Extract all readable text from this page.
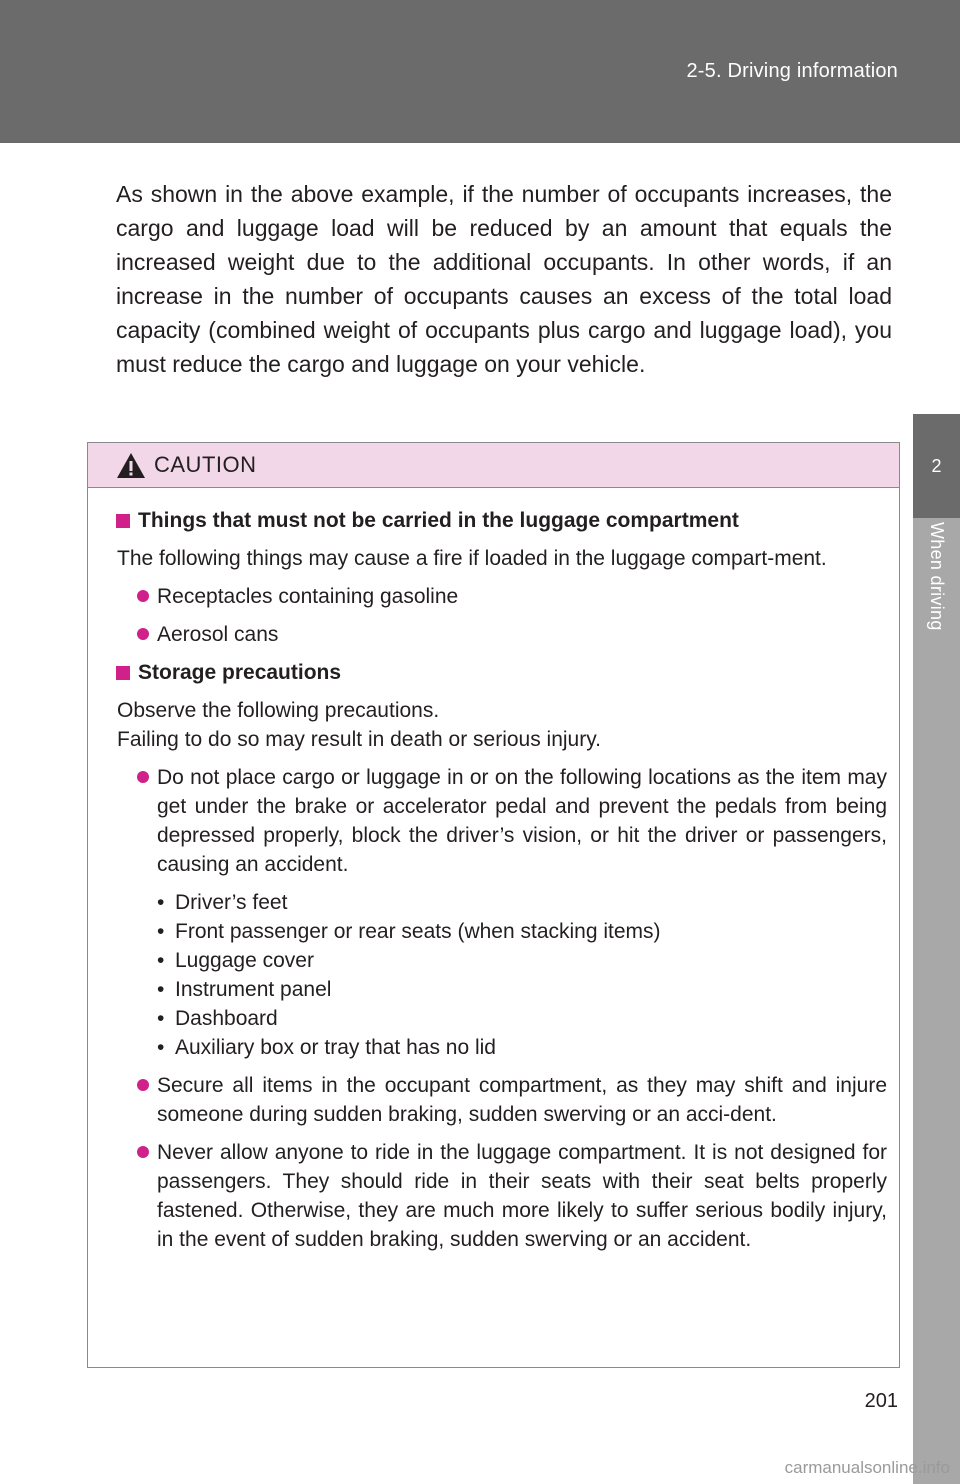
2-5. Driving information
2
When driving

As shown in the above example, if the number of occupants increases, the cargo and luggage load will be reduced by an amount that equals the increased weight due to the additional occupants. In other words, if an increase in the number of occupants causes an excess of the total load capacity (combined weight of occupants plus cargo and luggage load), you must reduce the cargo and luggage on your vehicle.

CAUTION
Things that must not be carried in the luggage compartment

The following things may cause a fire if loaded in the luggage compart-ment.

Receptacles containing gasoline
Aerosol cans
Storage precautions

Observe the following precautions.
Failing to do so may result in death or serious injury.

Do not place cargo or luggage in or on the following locations as the item may get under the brake or accelerator pedal and prevent the pedals from being depressed properly, block the driver’s vision, or hit the driver or passengers, causing an accident.
• Driver’s feet
• Front passenger or rear seats (when stacking items)
• Luggage cover
• Instrument panel
• Dashboard
• Auxiliary box or tray that has no lid
Secure all items in the occupant compartment, as they may shift and injure someone during sudden braking, sudden swerving or an acci-dent.
Never allow anyone to ride in the luggage compartment. It is not designed for passengers. They should ride in their seats with their seat belts properly fastened. Otherwise, they are much more likely to suffer serious bodily injury, in the event of sudden braking, sudden swerving or an accident.
201
carmanualsonline.info
